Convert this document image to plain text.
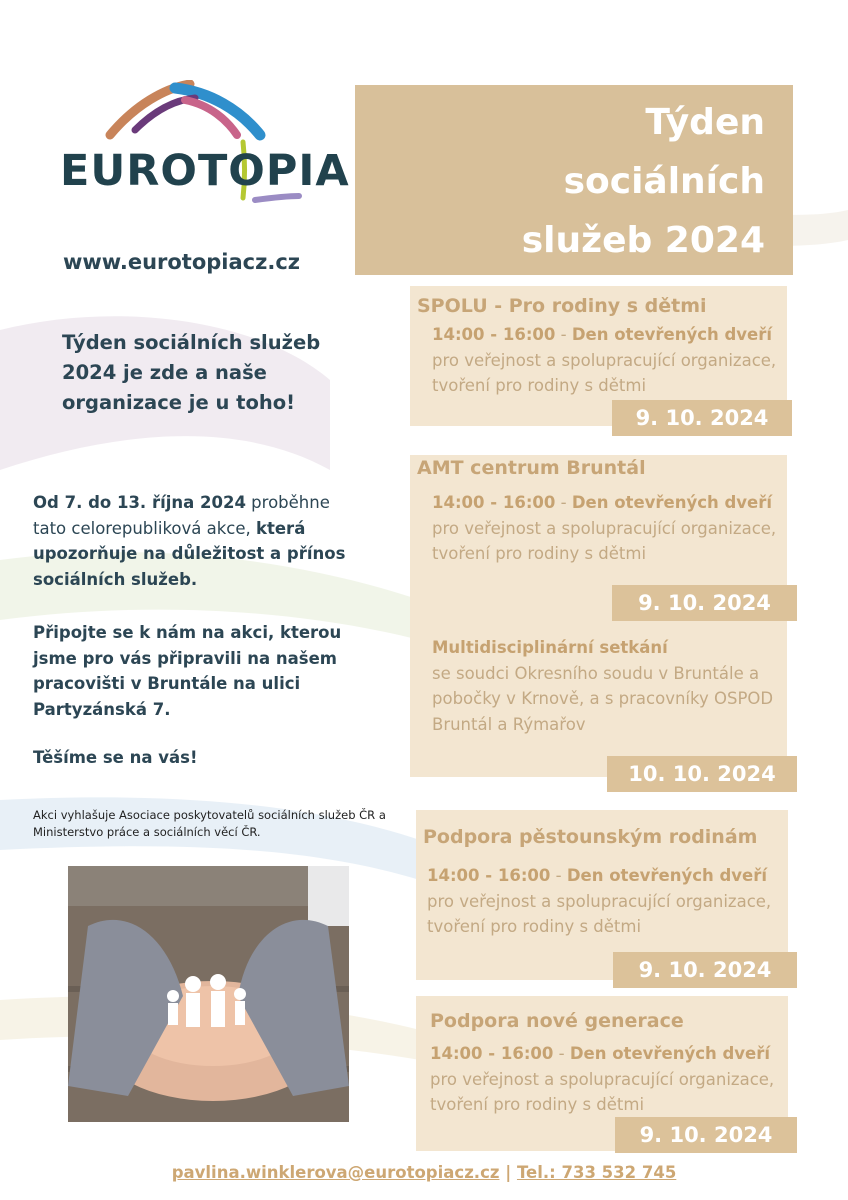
EUROTOPIA
www.eurotopiacz.cz
Týden sociálních služeb 2024 je zde a naše organizace je u toho!
Od 7. do 13. října 2024 proběhne tato celorepubliková akce, která upozorňuje na důležitost a přínos sociálních služeb.
Připojte se k nám na akci, kterou jsme pro vás připravili na našem pracovišti v Bruntále na ulici Partyzánská 7.
Těšíme se na vás!
Akci vyhlašuje Asociace poskytovatelů sociálních služeb ČR a Ministerstvo práce a sociálních věcí ČR.
Týden
sociálních
služeb 2024
SPOLU - Pro rodiny s dětmi
14:00 - 16:00 - Den otevřených dveří
pro veřejnost a spolupracující organizace, tvoření pro rodiny s dětmi
9. 10. 2024
AMT centrum Bruntál
14:00 - 16:00 - Den otevřených dveří
pro veřejnost a spolupracující organizace, tvoření pro rodiny s dětmi
Multidisciplinární setkání
se soudci Okresního soudu v Bruntále a pobočky v Krnově, a s pracovníky OSPOD Bruntál a Rýmařov
9. 10. 2024
10. 10. 2024
Podpora pěstounským rodinám
14:00 - 16:00 - Den otevřených dveří
pro veřejnost a spolupracující organizace, tvoření pro rodiny s dětmi
9. 10. 2024
Podpora nové generace
14:00 - 16:00 - Den otevřených dveří
pro veřejnost a spolupracující organizace, tvoření pro rodiny s dětmi
9. 10. 2024
pavlina.winklerova@eurotopiacz.cz | Tel.: 733 532 745
